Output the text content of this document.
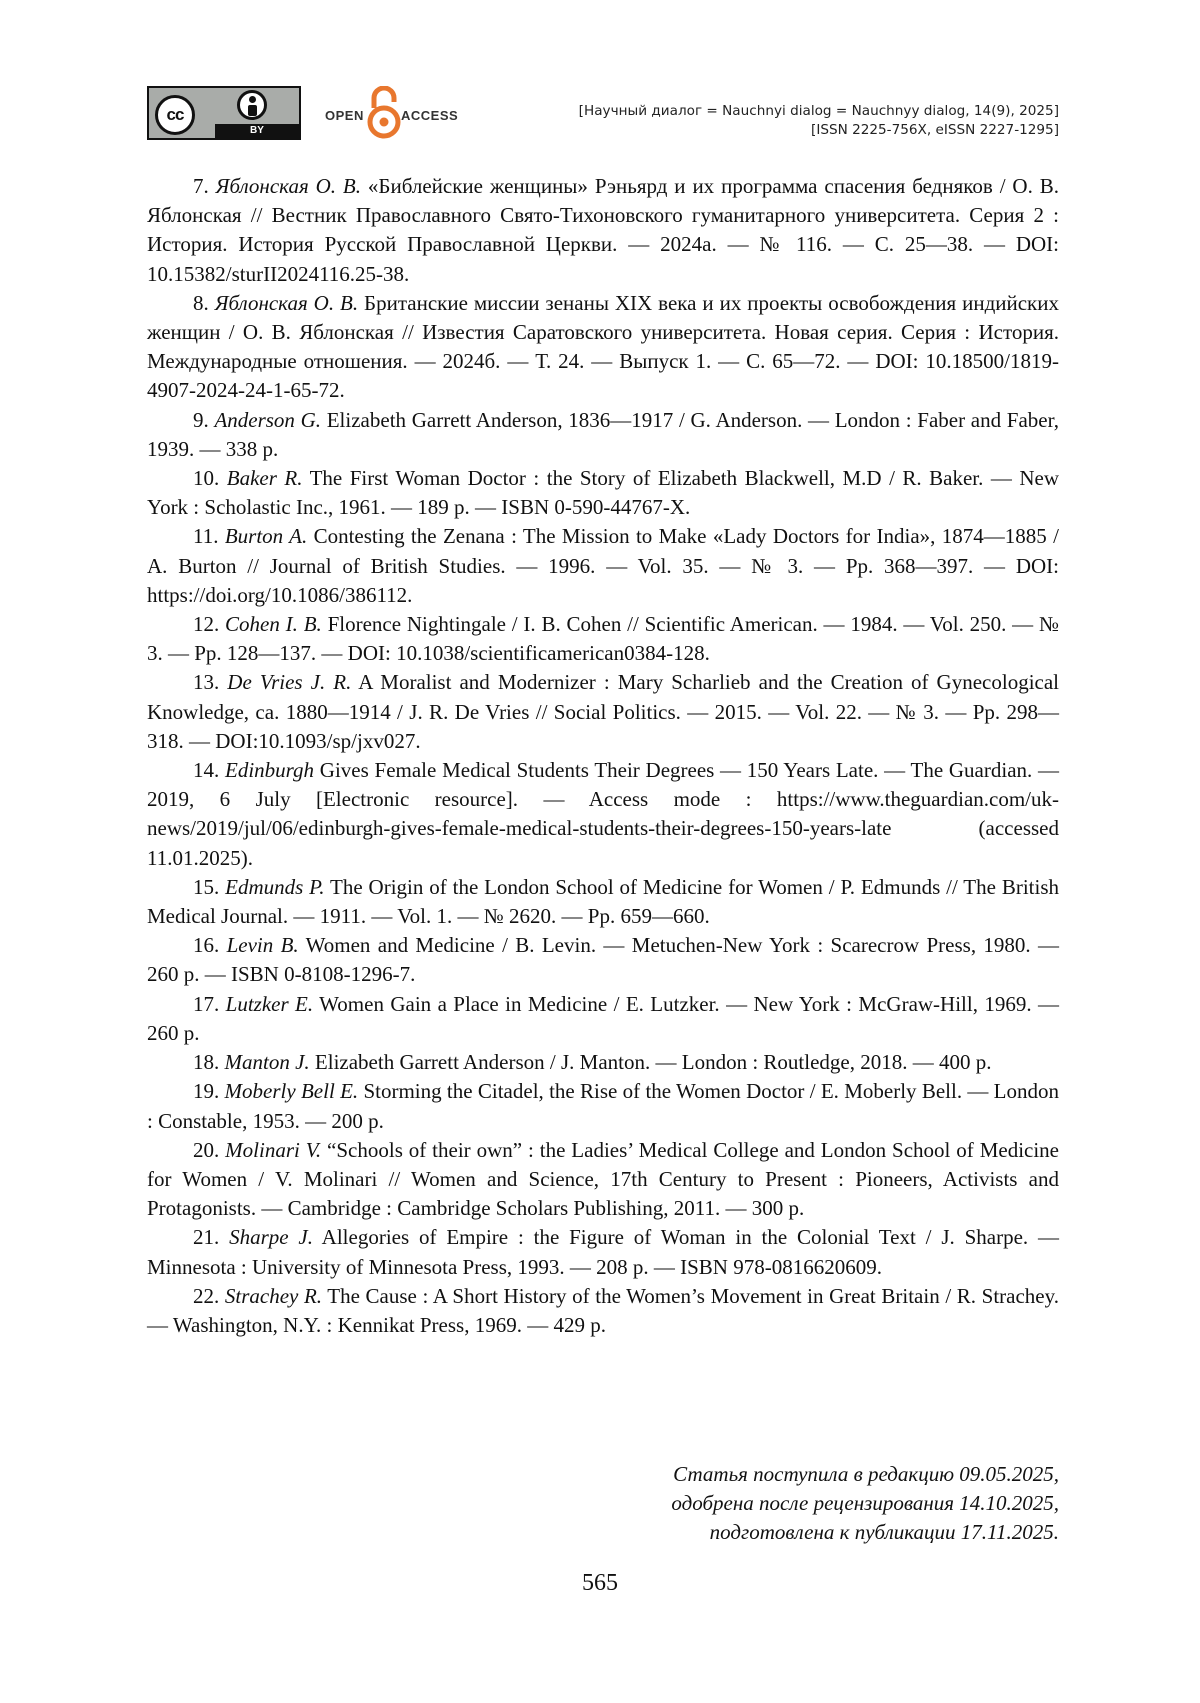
cc
BY
OPEN	ACCESS	[Научный диалог = Nauchnyi dialog = Nauchnyy dialog, 14(9), 2025]
[ISSN 2225-756X, eISSN 2227-1295]

7. Яблонская О. В. «Библейские женщины» Рэньярд и их программа спасения бедняков / О. В. Яблонская // Вестник Православного Свято-Тихоновского гуманитарного университета. Серия 2 : История. История Русской Православной Церкви. — 2024а. — № 116. — С. 25—38. — DOI: 10.15382/sturII2024116.25-38.

8. Яблонская О. В. Британские миссии зенаны XIX века и их проекты освобождения индийских женщин / О. В. Яблонская // Известия Саратовского университета. Новая серия. Серия : История. Международные отношения. — 2024б. — Т. 24. — Выпуск 1. — С. 65—72. — DOI: 10.18500/1819-4907-2024-24-1-65-72.

9. Anderson G. Elizabeth Garrett Anderson, 1836—1917 / G. Anderson. — London : Faber and Faber, 1939. — 338 p.

10. Baker R. The First Woman Doctor : the Story of Elizabeth Blackwell, M.D / R. Baker. — New York : Scholastic Inc., 1961. — 189 p. — ISBN 0-590-44767-X.

11. Burton A. Contesting the Zenana : The Mission to Make «Lady Doctors for India», 1874—1885 / A. Burton // Journal of British Studies. — 1996. — Vol. 35. — № 3. — Pp. 368—397. — DOI: https://doi.org/10.1086/386112.

12. Cohen I. B. Florence Nightingale / I. B. Cohen // Scientific American. — 1984. — Vol. 250. — № 3. — Pp. 128—137. — DOI: 10.1038/scientificamerican0384-128.

13. De Vries J. R. A Moralist and Modernizer : Mary Scharlieb and the Creation of Gynecological Knowledge, ca. 1880—1914 / J. R. De Vries // Social Politics. — 2015. — Vol. 22. — № 3. — Pp. 298—318. — DOI:10.1093/sp/jxv027.

14. Edinburgh Gives Female Medical Students Their Degrees — 150 Years Late. — The Guardian. — 2019, 6 July [Electronic resource]. — Access mode : https://www.theguardian.com/uk-news/2019/jul/06/edinburgh-gives-female-medical-students-their-degrees-150-years-late (accessed 11.01.2025).

15. Edmunds P. The Origin of the London School of Medicine for Women / P. Edmunds // The British Medical Journal. — 1911. — Vol. 1. — № 2620. — Pp. 659—660.

16. Levin B. Women and Medicine / B. Levin. — Metuchen-New York : Scarecrow Press, 1980. — 260 p. — ISBN 0-8108-1296-7.

17. Lutzker E. Women Gain a Place in Medicine / E. Lutzker. — New York : McGraw-Hill, 1969. — 260 p.

18. Manton J. Elizabeth Garrett Anderson / J. Manton. — London : Routledge, 2018. — 400 p.

19. Moberly Bell E. Storming the Citadel, the Rise of the Women Doctor / E. Moberly Bell. — London : Constable, 1953. — 200 p.

20. Molinari V. “Schools of their own” : the Ladies’ Medical College and London School of Medicine for Women / V. Molinari // Women and Science, 17th Century to Present : Pioneers, Activists and Protagonists. — Cambridge : Cambridge Scholars Publishing, 2011. — 300 p.

21. Sharpe J. Allegories of Empire : the Figure of Woman in the Colonial Text / J. Sharpe. — Minnesota : University of Minnesota Press, 1993. — 208 p. — ISBN 978-0816620609.

22. Strachey R. The Cause : A Short History of the Women’s Movement in Great Britain / R. Strachey. — Washington, N.Y. : Kennikat Press, 1969. — 429 p.

Статья поступила в редакцию 09.05.2025,
одобрена после рецензирования 14.10.2025,
подготовлена к публикации 17.11.2025.
565
